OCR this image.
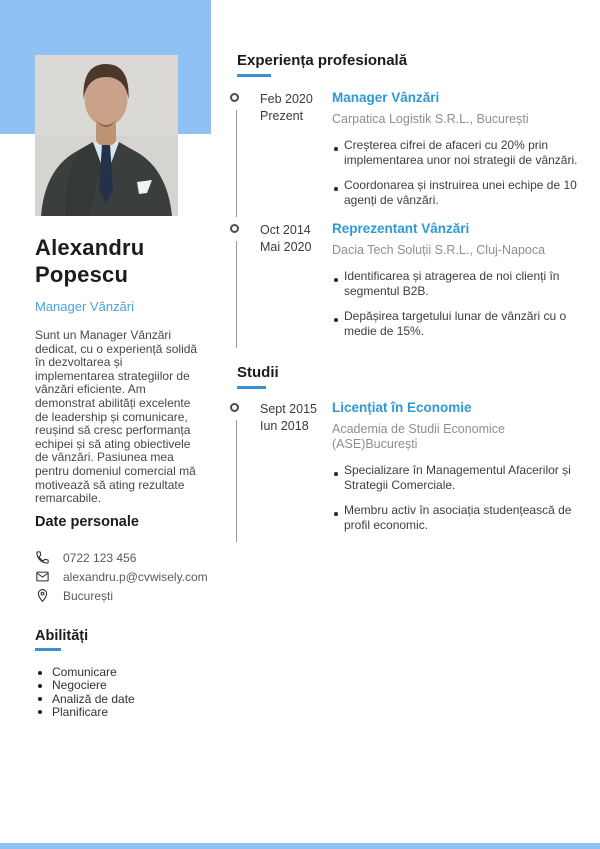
Alexandru Popescu
Manager Vânzări

Sunt un Manager Vânzări dedicat, cu o experiență solidă în dezvoltarea și implementarea strategiilor de vânzări eficiente. Am demonstrat abilități excelente de leadership și comunicare, reușind să cresc performanța echipei și să ating obiectivele de vânzări. Pasiunea mea pentru domeniul comercial mă motivează să ating rezultate remarcabile.

Date personale
0722 123 456
alexandru.p@cvwisely.com
București
Abilități
Comunicare
Negociere
Analiză de date
Planificare
Experiența profesională
Feb 2020
Prezent
Manager Vânzări
Carpatica Logistik S.R.L., București
Creșterea cifrei de afaceri cu 20% prin implementarea unor noi strategii de vânzări.
Coordonarea și instruirea unei echipe de 10 agenți de vânzări.
Oct 2014
Mai 2020
Reprezentant Vânzări
Dacia Tech Soluții S.R.L., Cluj-Napoca
Identificarea și atragerea de noi clienți în segmentul B2B.
Depășirea targetului lunar de vânzări cu o medie de 15%.
Studii
Sept 2015
Iun 2018
Licențiat în Economie
Academia de Studii Economice (ASE)București
Specializare în Managementul Afacerilor și Strategii Comerciale.
Membru activ în asociația studențească de profil economic.
